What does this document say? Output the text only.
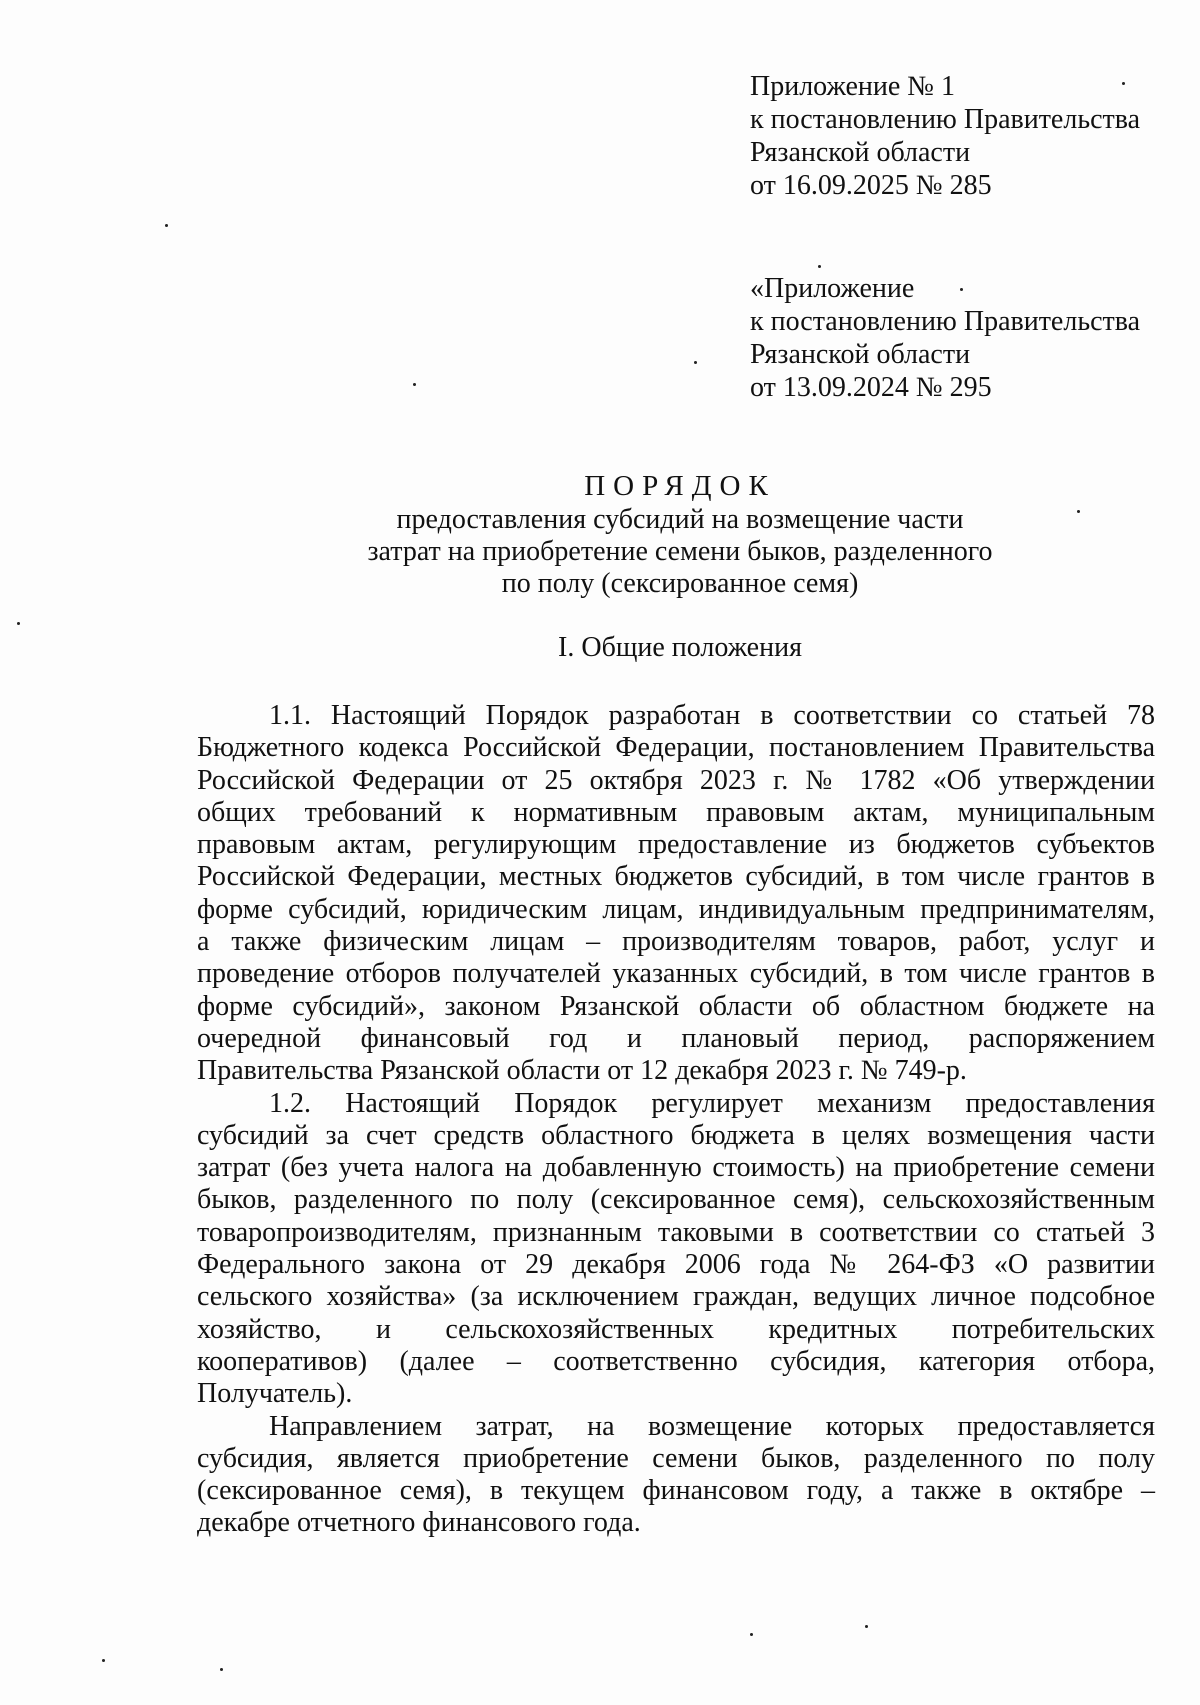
Приложение № 1
к постановлению Правительства
Рязанской области
от 16.09.2025 № 285
«Приложение
к постановлению Правительства
Рязанской области
от 13.09.2024 № 295
ПОРЯДОК
предоставления субсидий на возмещение части
затрат на приобретение семени быков, разделенного
по полу (сексированное семя)
I. Общие положения
1.1. Настоящий Порядок разработан в соответствии со статьей 78
Бюджетного кодекса Российской Федерации, постановлением Правительства
Российской Федерации от 25 октября 2023 г. № 1782 «Об утверждении
общих требований к нормативным правовым актам, муниципальным
правовым актам, регулирующим предоставление из бюджетов субъектов
Российской Федерации, местных бюджетов субсидий, в том числе грантов в
форме субсидий, юридическим лицам, индивидуальным предпринимателям,
а также физическим лицам – производителям товаров, работ, услуг и
проведение отборов получателей указанных субсидий, в том числе грантов в
форме субсидий», законом Рязанской области об областном бюджете на
очередной финансовый год и плановый период, распоряжением
Правительства Рязанской области от 12 декабря 2023 г. № 749-р.
1.2. Настоящий Порядок регулирует механизм предоставления
субсидий за счет средств областного бюджета в целях возмещения части
затрат (без учета налога на добавленную стоимость) на приобретение семени
быков, разделенного по полу (сексированное семя), сельскохозяйственным
товаропроизводителям, признанным таковыми в соответствии со статьей 3
Федерального закона от 29 декабря 2006 года № 264-ФЗ «О развитии
сельского хозяйства» (за исключением граждан, ведущих личное подсобное
хозяйство, и сельскохозяйственных кредитных потребительских
кооперативов) (далее – соответственно субсидия, категория отбора,
Получатель).
Направлением затрат, на возмещение которых предоставляется
субсидия, является приобретение семени быков, разделенного по полу
(сексированное семя), в текущем финансовом году, а также в октябре –
декабре отчетного финансового года.
